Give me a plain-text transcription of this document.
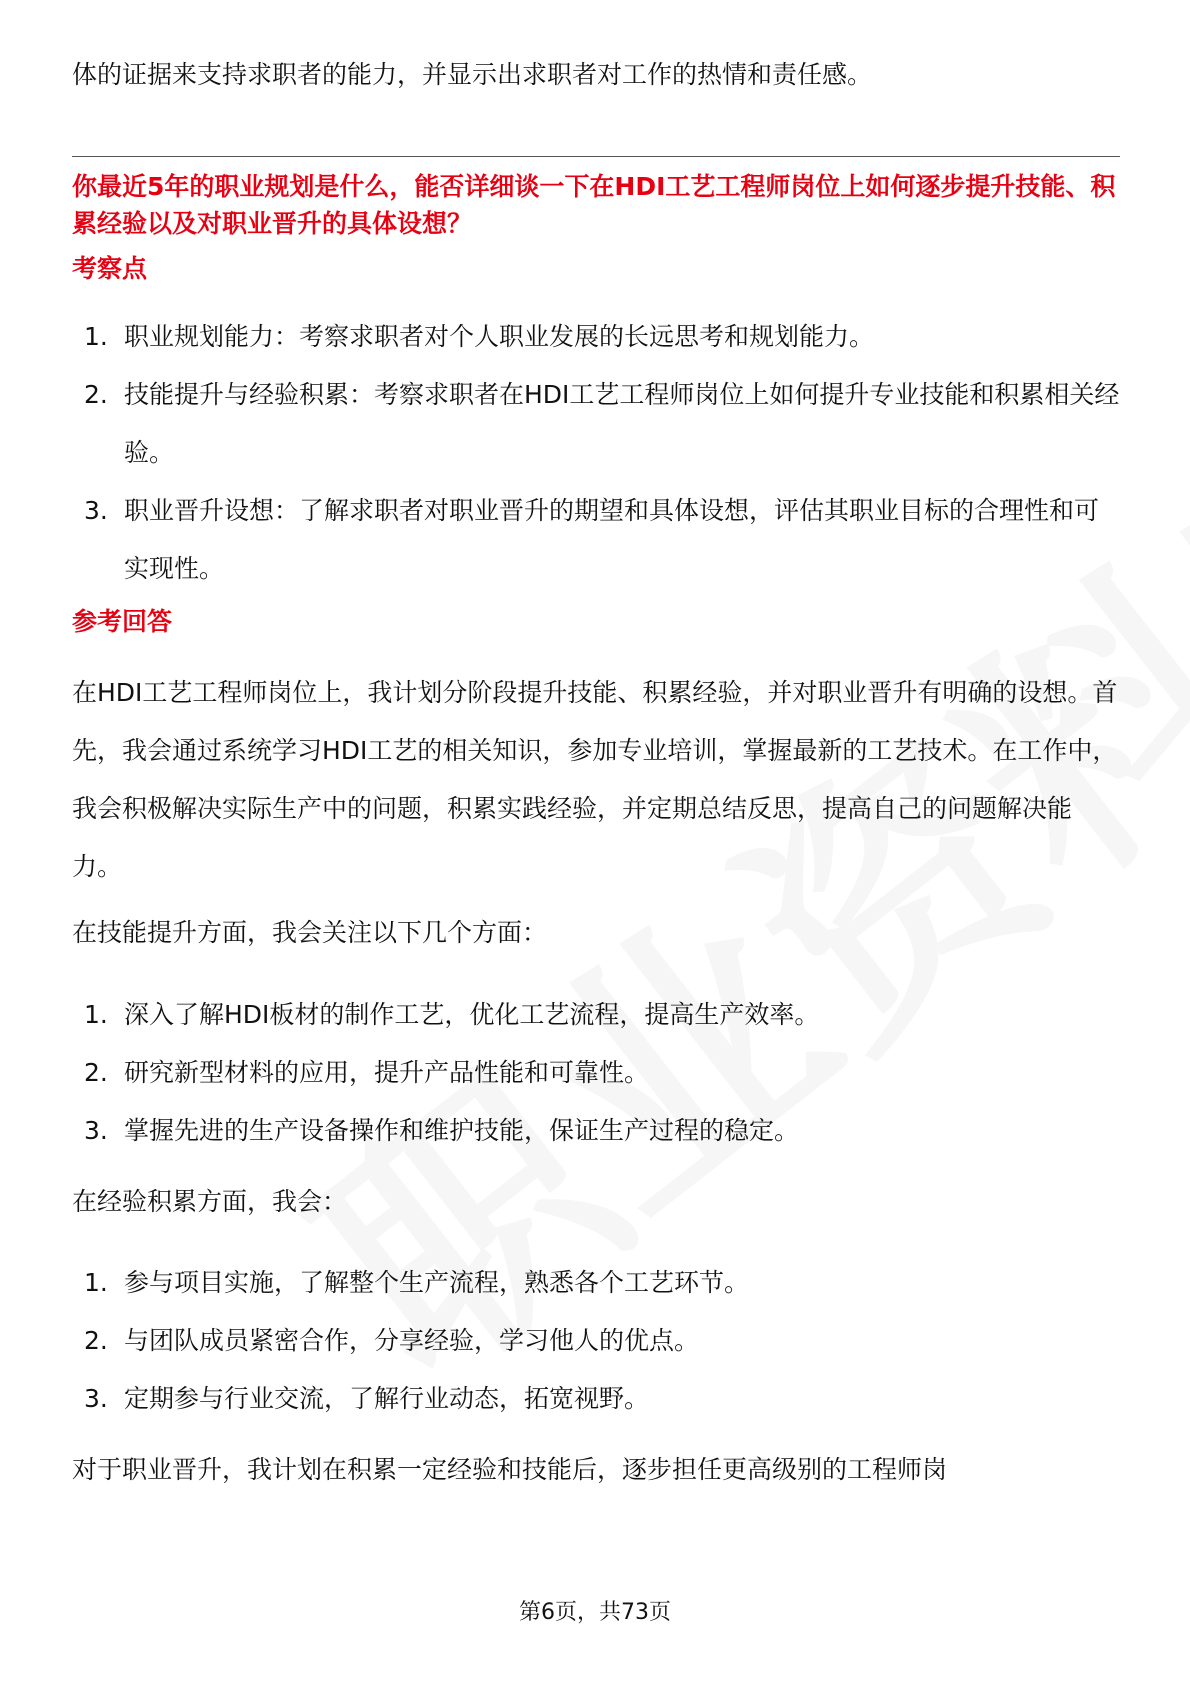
体的证据来支持求职者的能力，并显示出求职者对工作的热情和责任感。

你最近5年的职业规划是什么，能否详细谈一下在HDI工艺工程师岗位上如何逐步提升技能、积累经验以及对职业晋升的具体设想？

考察点

1. 职业规划能力：考察求职者对个人职业发展的长远思考和规划能力。
2. 技能提升与经验积累：考察求职者在HDI工艺工程师岗位上如何提升专业技能和积累相关经验。
3. 职业晋升设想：了解求职者对职业晋升的期望和具体设想，评估其职业目标的合理性和可实现性。

参考回答

在HDI工艺工程师岗位上，我计划分阶段提升技能、积累经验，并对职业晋升有明确的设想。首先，我会通过系统学习HDI工艺的相关知识，参加专业培训，掌握最新的工艺技术。在工作中，我会积极解决实际生产中的问题，积累实践经验，并定期总结反思，提高自己的问题解决能力。

在技能提升方面，我会关注以下几个方面：

1. 深入了解HDI板材的制作工艺，优化工艺流程，提高生产效率。
2. 研究新型材料的应用，提升产品性能和可靠性。
3. 掌握先进的生产设备操作和维护技能，保证生产过程的稳定。

在经验积累方面，我会：

1. 参与项目实施，了解整个生产流程，熟悉各个工艺环节。
2. 与团队成员紧密合作，分享经验，学习他人的优点。
3. 定期参与行业交流，了解行业动态，拓宽视野。

对于职业晋升，我计划在积累一定经验和技能后，逐步担任更高级别的工程师岗

第6页，共73页
